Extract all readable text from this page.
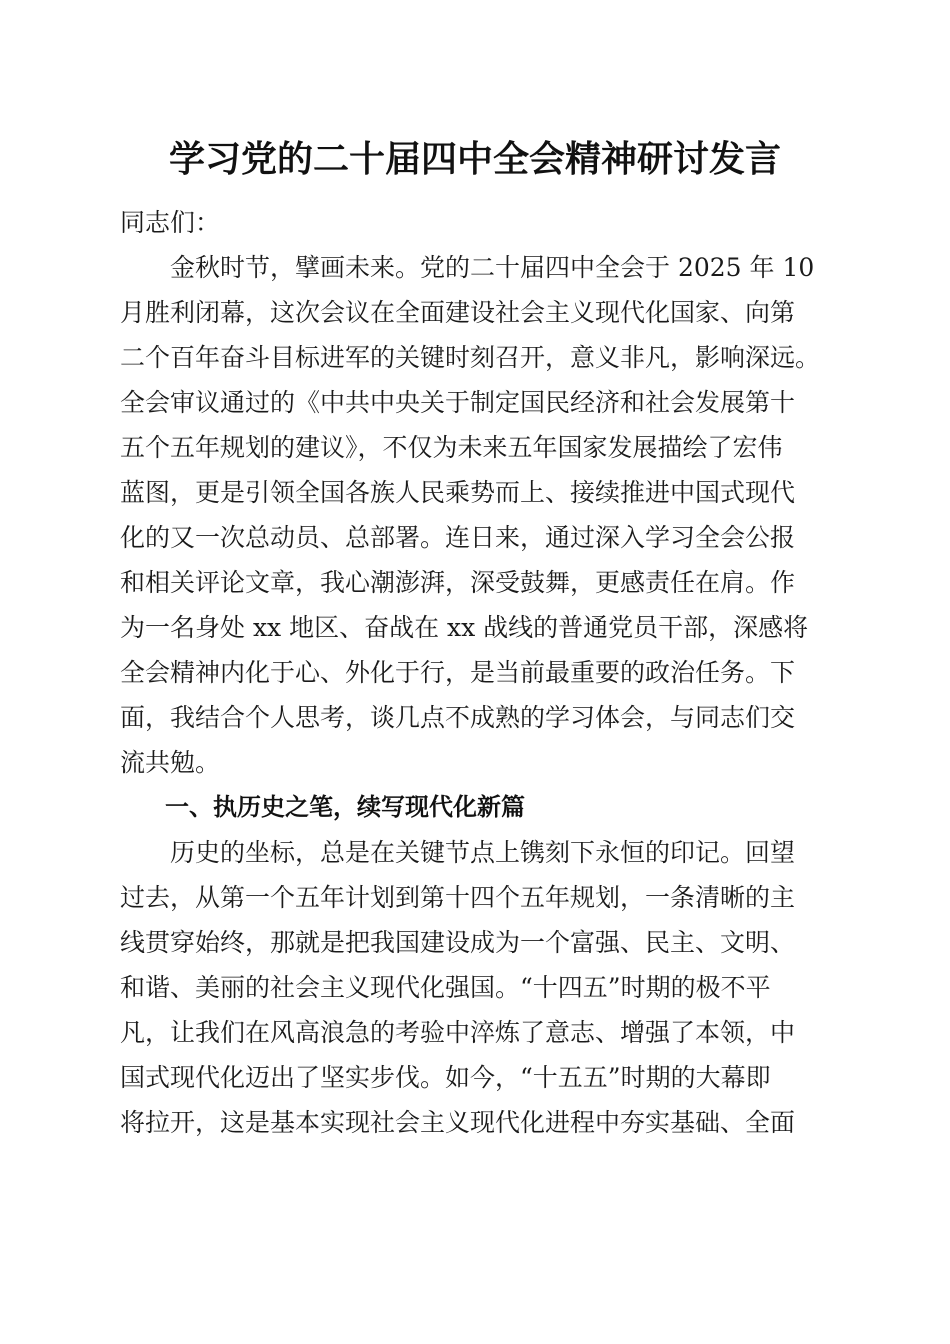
学习党的二十届四中全会精神研讨发言
同志们：
金秋时节，擘画未来。党的二十届四中全会于 2025 年 10
月胜利闭幕，这次会议在全面建设社会主义现代化国家、向第
二个百年奋斗目标进军的关键时刻召开，意义非凡，影响深远。
全会审议通过的《中共中央关于制定国民经济和社会发展第十
五个五年规划的建议》，不仅为未来五年国家发展描绘了宏伟
蓝图，更是引领全国各族人民乘势而上、接续推进中国式现代
化的又一次总动员、总部署。连日来，通过深入学习全会公报
和相关评论文章，我心潮澎湃，深受鼓舞，更感责任在肩。作
为一名身处 xx 地区、奋战在 xx 战线的普通党员干部，深感将
全会精神内化于心、外化于行，是当前最重要的政治任务。下
面，我结合个人思考，谈几点不成熟的学习体会，与同志们交
流共勉。
一、执历史之笔，续写现代化新篇
历史的坐标，总是在关键节点上镌刻下永恒的印记。回望
过去，从第一个五年计划到第十四个五年规划，一条清晰的主
线贯穿始终，那就是把我国建设成为一个富强、民主、文明、
和谐、美丽的社会主义现代化强国。“十四五”时期的极不平
凡，让我们在风高浪急的考验中淬炼了意志、增强了本领，中
国式现代化迈出了坚实步伐。如今，“十五五”时期的大幕即
将拉开，这是基本实现社会主义现代化进程中夯实基础、全面
